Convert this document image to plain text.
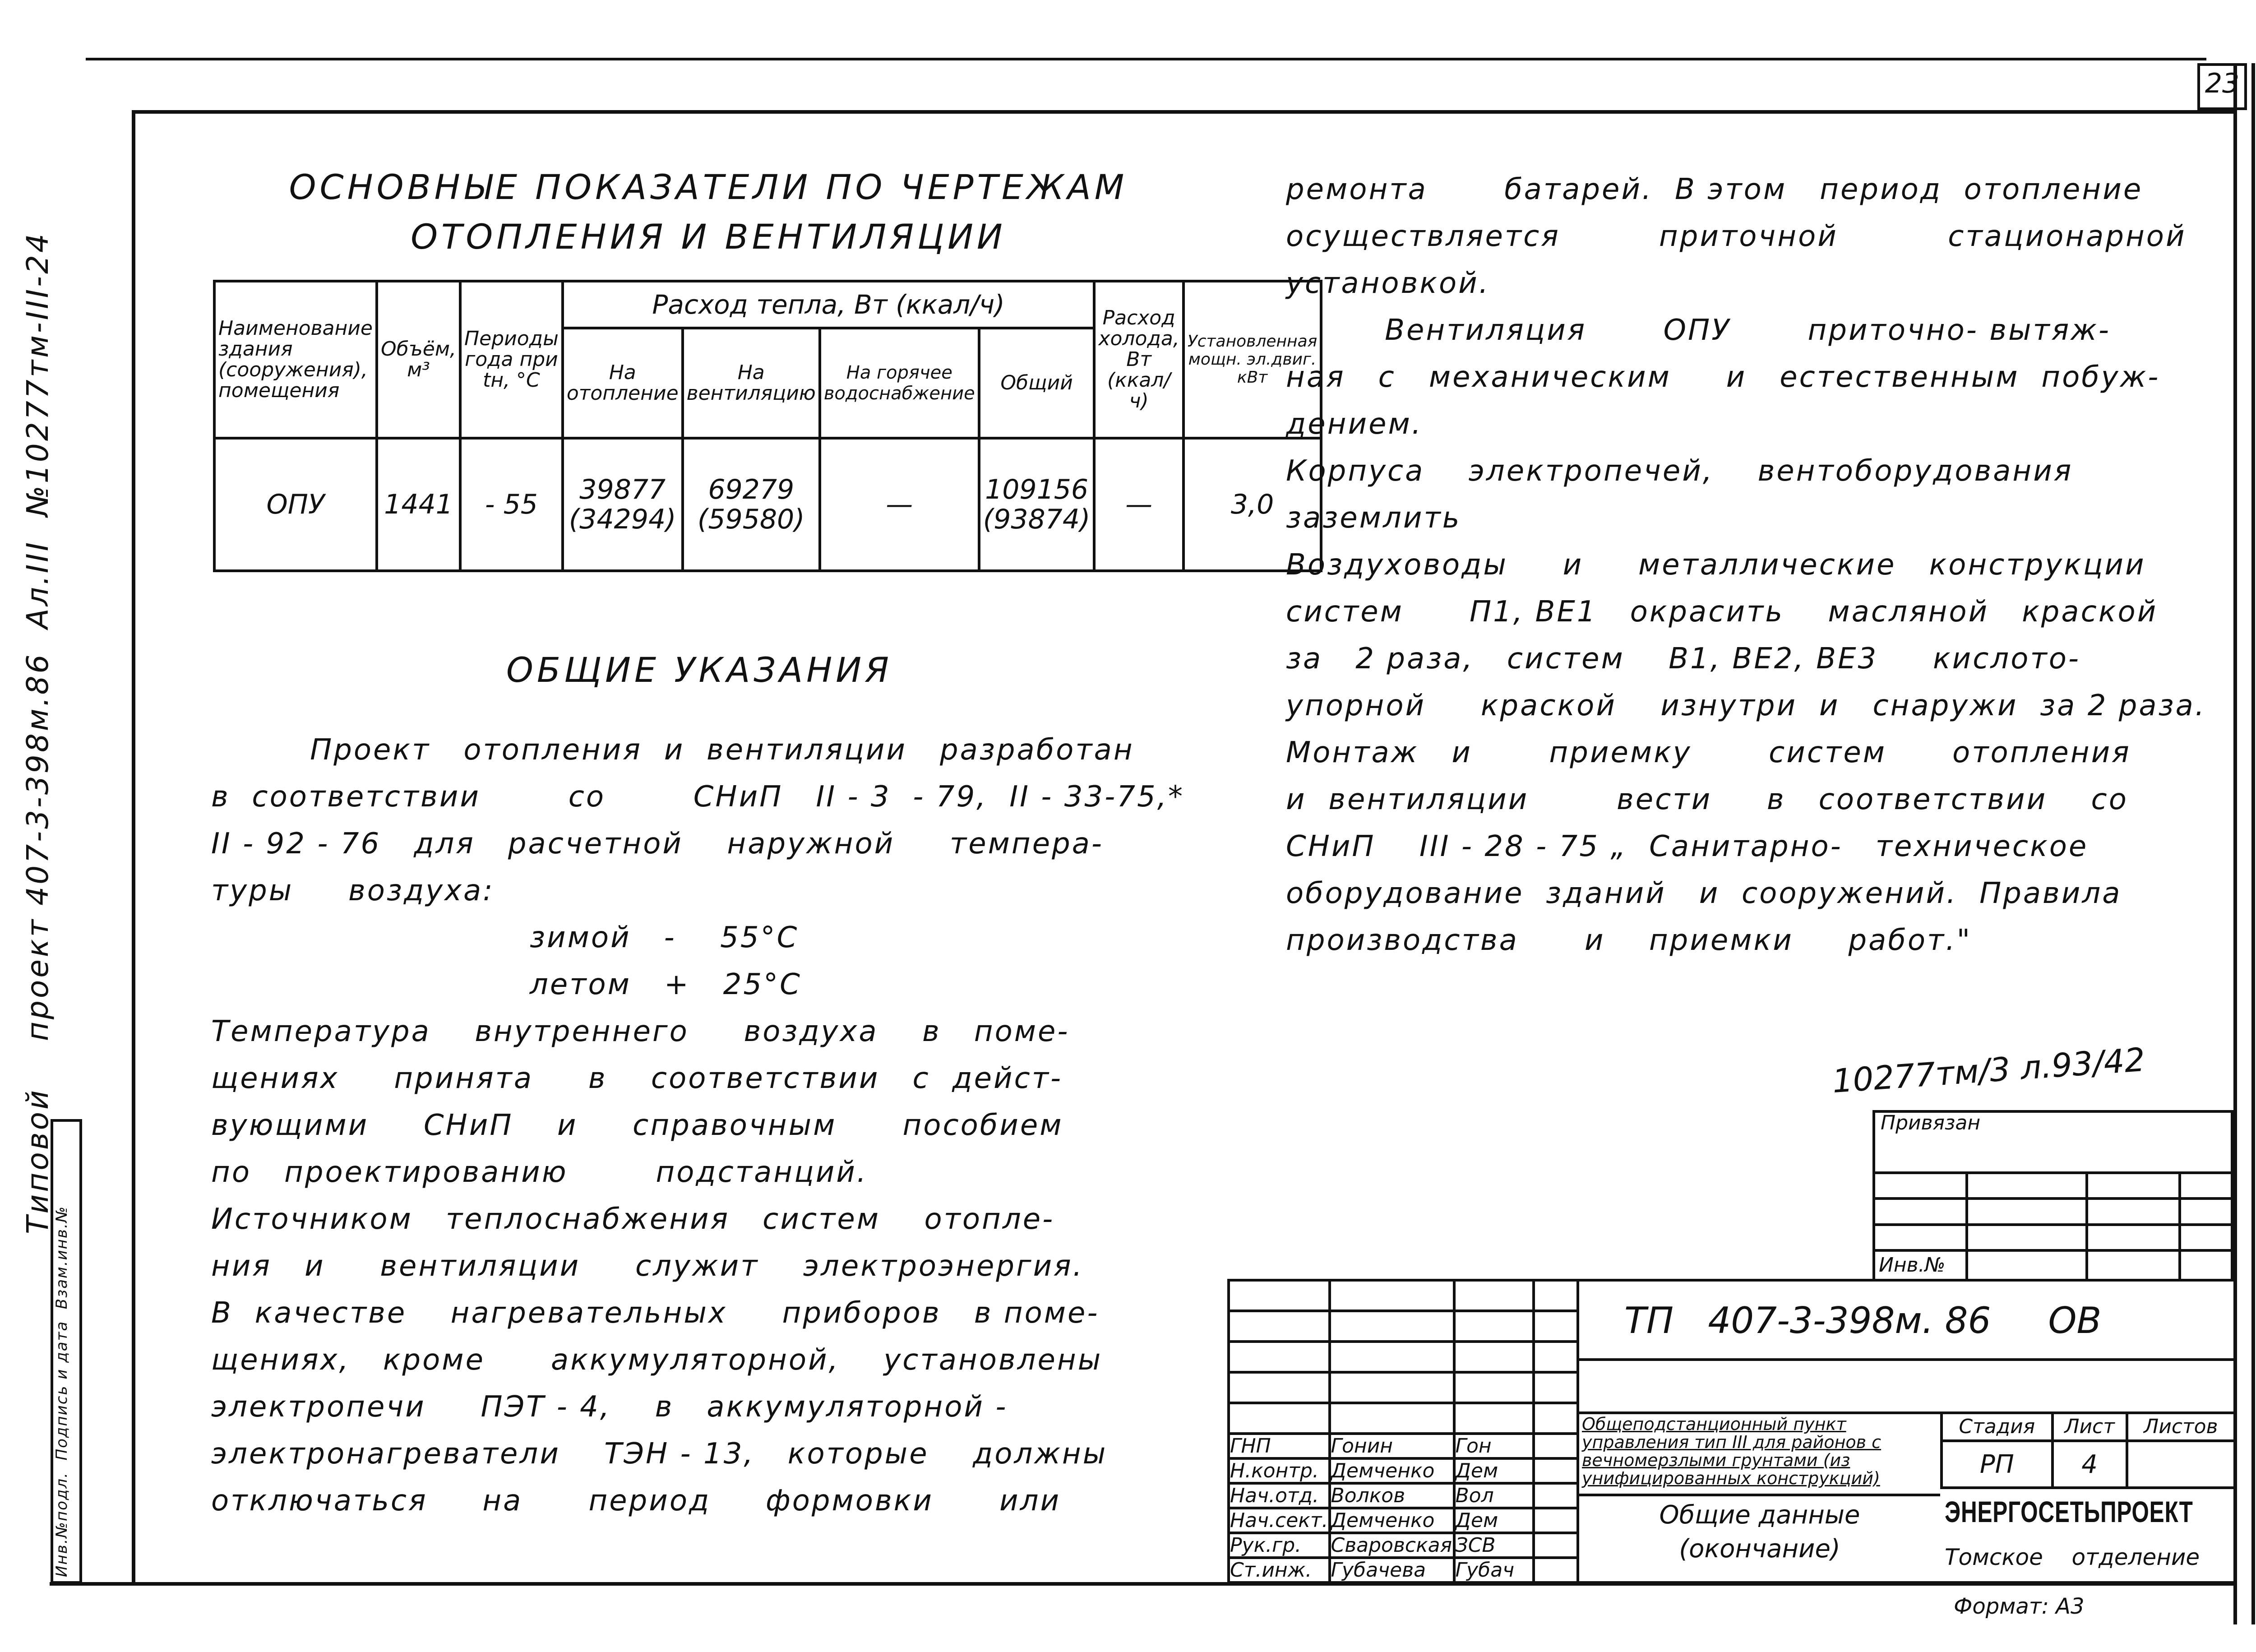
23
Типовой    проект 407-3-398м.86  Ал.III  №10277тм-III-24
Инв.№подл.  Подпись и дата  Взам.инв.№
ОСНОВНЫЕ ПОКАЗАТЕЛИ ПО ЧЕРТЕЖАМ
ОТОПЛЕНИЯ И ВЕНТИЛЯЦИИ
Наименование здания (сооружения), помещения	Объём, м³	Периоды года при tн, °С	Расход тепла, Вт (ккал/ч)				Расход холода, Вт (ккал/ч)	Установленная мощн. эл.двиг. кВт
			На отопление	На вентиляцию	На горячее водоснабжение	Общий		
ОПУ	1441	- 55	39877 (34294)	69279 (59580)	—	109156 (93874)	—	3,0
ОБЩИЕ УКАЗАНИЯ
Проект   отопления  и  вентиляции   разработан
в  соответствии        со        СНиП   II - 3  - 79,  II - 33-75,*
II - 92 - 76   для   расчетной    наружной     темпера-
туры     воздуха:
зимой   -    55°С
летом   +   25°С
Температура    внутреннего     воздуха    в   поме-
щениях     принята     в    соответствии   с  дейст-
вующими     СНиП    и     справочным      пособием
по   проектированию        подстанций.
Источником   теплоснабжения   систем    отопле-
ния   и     вентиляции     служит    электроэнергия.
В  качестве    нагревательных     приборов   в поме-
щениях,   кроме      аккумуляторной,    установлены
электропечи     ПЭТ - 4,    в   аккумуляторной -
электронагреватели    ТЭН - 13,   которые    должны
отключаться     на      период     формовки      или
ремонта       батарей.  В этом   период  отопление
осуществляется         приточной          стационарной
установкой.
Вентиляция       ОПУ       приточно- вытяж-
ная   с   механическим     и   естественным  побуж-
дением.
Корпуса    электропечей,    вентоборудования
заземлить
Воздуховоды     и     металлические   конструкции
систем      П1, ВЕ1   окрасить    масляной   краской
за   2 раза,   систем    В1, ВЕ2, ВЕ3     кислото-
упорной     краской    изнутри  и   снаружи  за 2 раза.
Монтаж   и       приемку       систем      отопления
и  вентиляции        вести     в   соответствии    со
СНиП    III - 28 - 75 „  Санитарно-   техническое
оборудование  зданий   и  сооружений.  Правила
производства      и    приемки     работ."
10277тм/3 л.93/42
Привязан			

Инв.№			

ГНП	Гонин	Гон	
Н.контр.	Демченко	Дем	
Нач.отд.	Волков	Вол	
Нач.сект.	Демченко	Дем	
Рук.гр.	Сваровская	ЗСВ	
Ст.инж.	Губачева	Губач	
ТП   407-3-398м. 86     ОВ
Общеподстанционный пункт управления тип III для районов с вечномерзлыми грунтами (из унифицированных конструкций)
Общие данные
(окончание)
Стадия	Лист	Листов
РП	4	
ЭНЕРГОСЕТЬПРОЕКТ
Томское    отделение
Формат: А3
